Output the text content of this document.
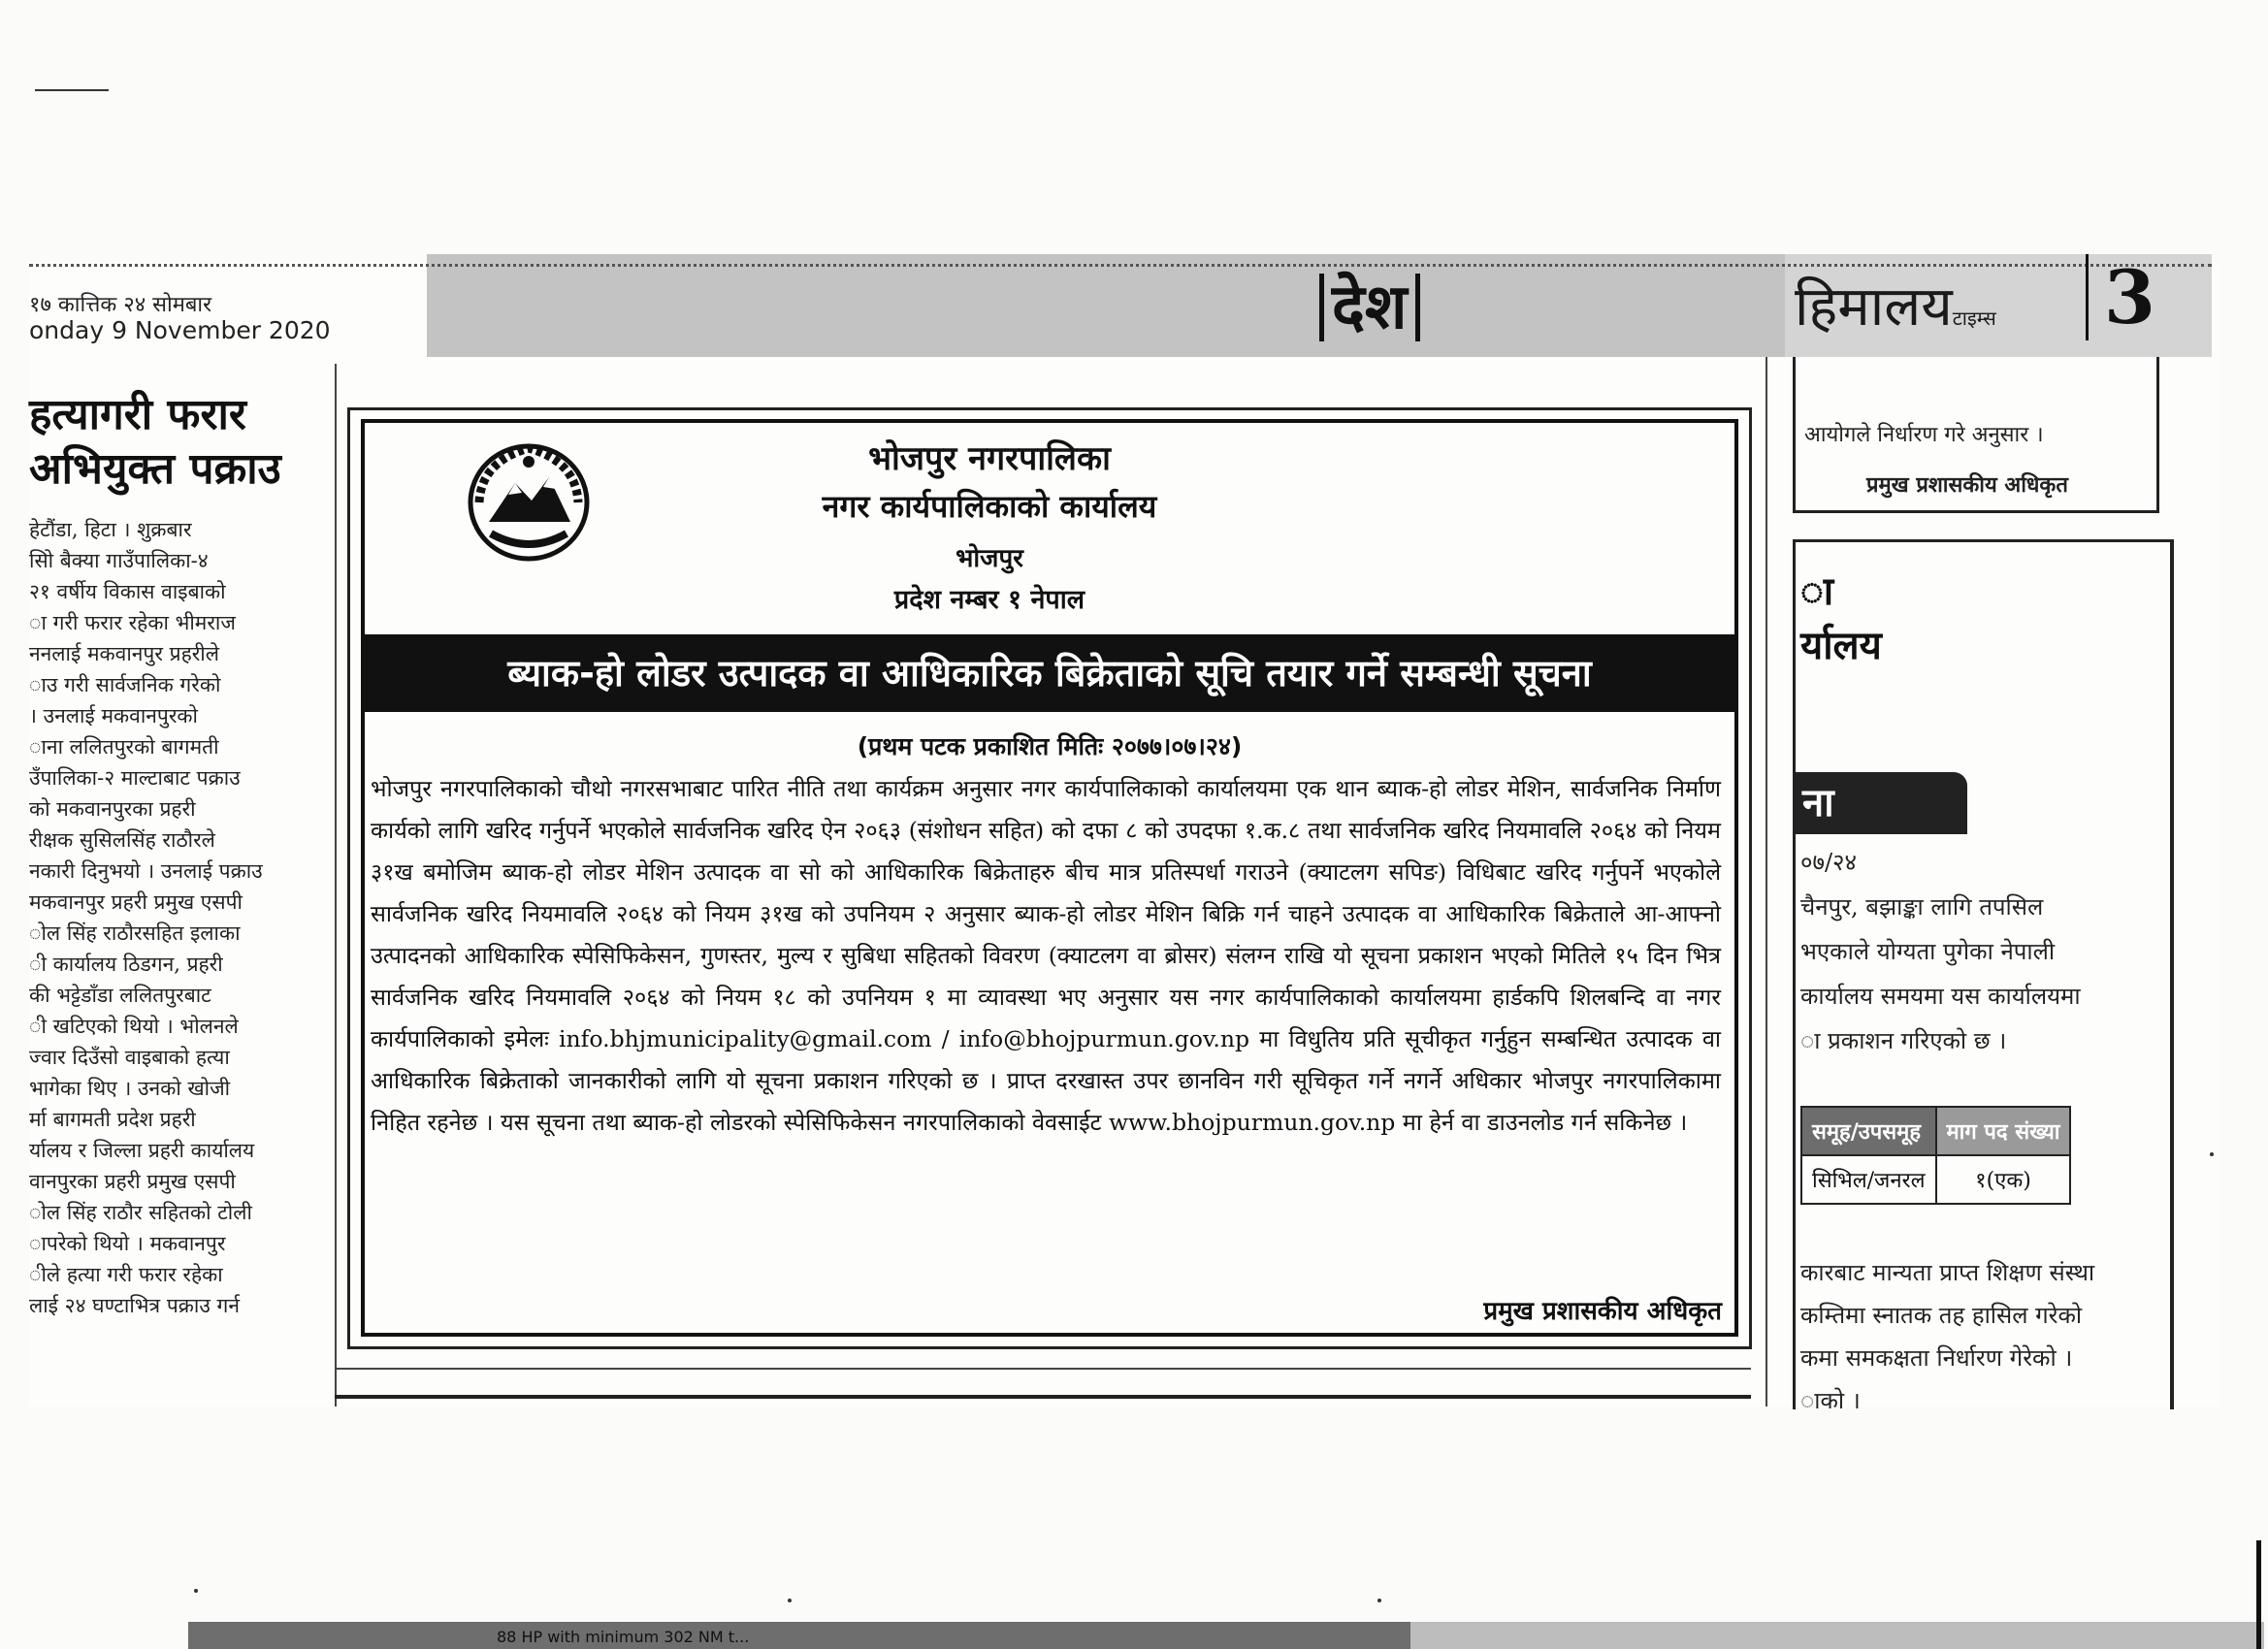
१७ कात्तिक २४ सोमबार
onday 9 November 2020	देश	हिमालयटाइम्स 3
हत्यागरी फरार अभियुक्त पक्राउ
हेटौंडा, हिटा । शुक्रबार
सिो बैक्या गाउँपालिका-४
२१ वर्षीय विकास वाइबाको
ा गरी फरार रहेका भीमराज
ननलाई मकवानपुर प्रहरीले
ाउ गरी सार्वजनिक गरेको
। उनलाई मकवानपुरको
ाना ललितपुरको बागमती
उँपालिका-२ माल्टाबाट पक्राउ
को मकवानपुरका प्रहरी
रीक्षक सुसिलसिंह राठौरले
नकारी दिनुभयो । उनलाई पक्राउ
मकवानपुर प्रहरी प्रमुख एसपी
ोल सिंह राठौरसहित इलाका
ी कार्यालय ठिडगन, प्रहरी
की भट्टेडाँडा ललितपुरबाट
ी खटिएको थियो । भोलनले
ज्वार दिउँसो वाइबाको हत्या
भागेका थिए । उनको खोजी
र्मा बागमती प्रदेश प्रहरी
र्यालय र जिल्ला प्रहरी कार्यालय
वानपुरका प्रहरी प्रमुख एसपी
ोल सिंह राठौर सहितको टोली
ापरेको थियो । मकवानपुर
ीले हत्या गरी फरार रहेका
लाई २४ घण्टाभित्र पक्राउ गर्न
भोजपुर नगरपालिका
नगर कार्यपालिकाको कार्यालय
भोजपुर
प्रदेश नम्बर १ नेपाल
ब्याक-हो लोडर उत्पादक वा आधिकारिक बिक्रेताको सूचि तयार गर्ने सम्बन्धी सूचना
(प्रथम पटक प्रकाशित मितिः २०७७।०७।२४)

भोजपुर नगरपालिकाको चौथो नगरसभाबाट पारित नीति तथा कार्यक्रम अनुसार नगर कार्यपालिकाको कार्यालयमा एक थान ब्याक-हो लोडर मेशिन, सार्वजनिक निर्माण कार्यको लागि खरिद गर्नुपर्ने भएकोले सार्वजनिक खरिद ऐन २०६३ (संशोधन सहित) को दफा ८ को उपदफा १.क.८ तथा सार्वजनिक खरिद नियमावलि २०६४ को नियम ३१ख बमोजिम ब्याक-हो लोडर मेशिन उत्पादक वा सो को आधिकारिक बिक्रेताहरु बीच मात्र प्रतिस्पर्धा गराउने (क्याटलग सपिङ) विधिबाट खरिद गर्नुपर्ने भएकोले सार्वजनिक खरिद नियमावलि २०६४ को नियम ३१ख को उपनियम २ अनुसार ब्याक-हो लोडर मेशिन बिक्रि गर्न चाहने उत्पादक वा आधिकारिक बिक्रेताले आ-आफ्नो उत्पादनको आधिकारिक स्पेसिफिकेसन, गुणस्तर, मुल्य र सुबिधा सहितको विवरण (क्याटलग वा ब्रोसर) संलग्न राखि यो सूचना प्रकाशन भएको मितिले १५ दिन भित्र सार्वजनिक खरिद नियमावलि २०६४ को नियम १८ को उपनियम १ मा व्यावस्था भए अनुसार यस नगर कार्यपालिकाको कार्यालयमा हार्डकपि शिलबन्दि वा नगर कार्यपालिकाको इमेलः info.bhjmunicipality@gmail.com / info@bhojpurmun.gov.np मा विधुतिय प्रति सूचीकृत गर्नुहुन सम्बन्धित उत्पादक वा आधिकारिक बिक्रेताको जानकारीको लागि यो सूचना प्रकाशन गरिएको छ । प्राप्त दरखास्त उपर छानविन गरी सूचिकृत गर्ने नगर्ने अधिकार भोजपुर नगरपालिकामा निहित रहनेछ । यस सूचना तथा ब्याक-हो लोडरको स्पेसिफिकेसन नगरपालिकाको वेवसाईट www.bhojpurmun.gov.np मा हेर्न वा डाउनलोड गर्न सकिनेछ ।

प्रमुख प्रशासकीय अधिकृत
आयोगले निर्धारण गरे अनुसार ।
प्रमुख प्रशासकीय अधिकृत
ा
र्यालय
ना
०७/२४
चैनपुर, बझाङ्का लागि तपसिल
भएकाले योग्यता पुगेका नेपाली
कार्यालय समयमा यस कार्यालयमा
ा प्रकाशन गरिएको छ ।
समूह/उपसमूह	माग पद संख्या
सिभिल/जनरल	१(एक)
कारबाट मान्यता प्राप्त शिक्षण संस्था
कम्तिमा स्नातक तह हासिल गरेको
कमा समकक्षता निर्धारण गेरेको ।
ाको ।
88 HP with minimum 302 NM t...
